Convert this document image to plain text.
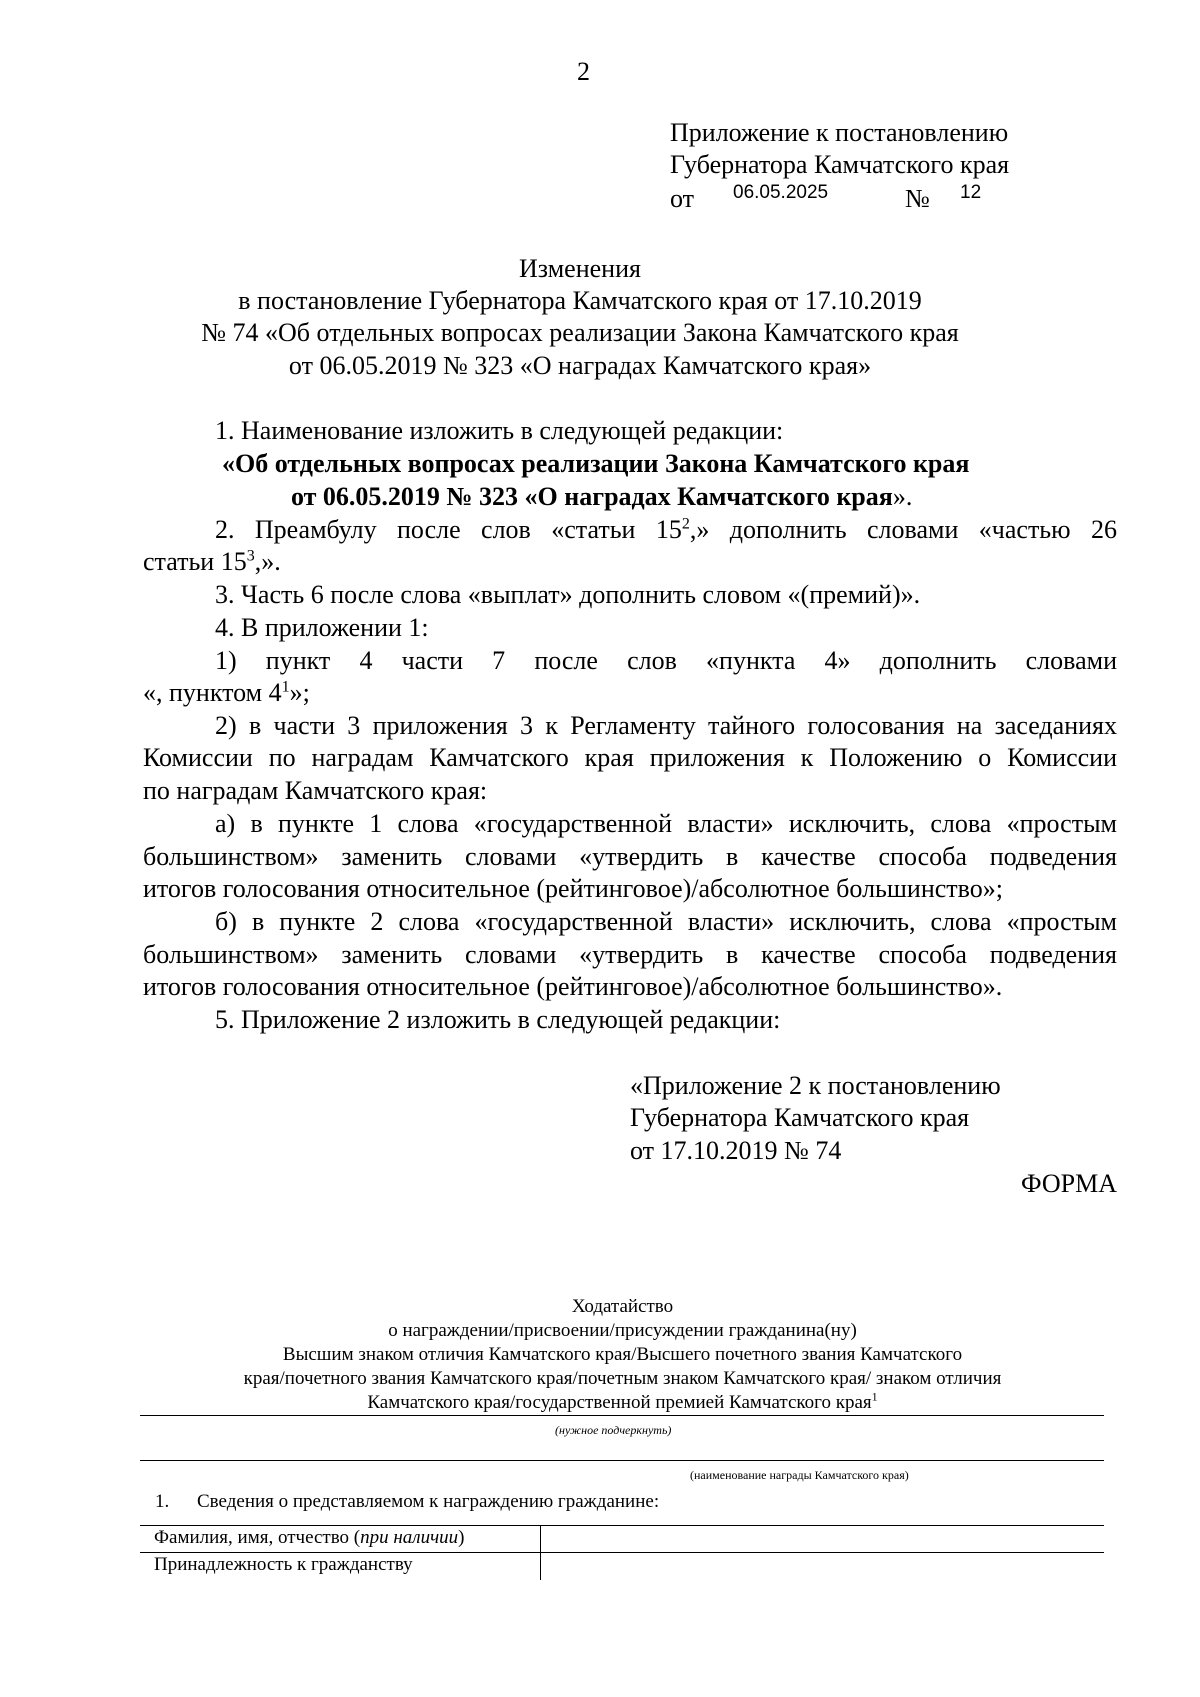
2
Приложение к постановлению
Губернатора Камчатского края
от 06.05.2025	№ 12
Изменения
в постановление Губернатора Камчатского края от 17.10.2019
№ 74 «Об отдельных вопросах реализации Закона Камчатского края
от 06.05.2019 № 323 «О наградах Камчатского края»
1. Наименование изложить в следующей редакции:
«Об отдельных вопросах реализации Закона Камчатского края
от 06.05.2019 № 323 «О наградах Камчатского края».
2. Преамбулу после слов «статьи $15^2$,» дополнить словами «частью 26
статьи $15^3$,».
3. Часть 6 после слова «выплат» дополнить словом «(премий)».
4. В приложении 1:
1) пункт 4 части 7 после слов «пункта 4» дополнить словами
«, пунктом $4^1$»;
2) в части 3 приложения 3 к Регламенту тайного голосования на заседаниях
Комиссии по наградам Камчатского края приложения к Положению о Комиссии
по наградам Камчатского края:
а) в пункте 1 слова «государственной власти» исключить, слова «простым
большинством» заменить словами «утвердить в качестве способа подведения
итогов голосования относительное (рейтинговое)/абсолютное большинство»;
б) в пункте 2 слова «государственной власти» исключить, слова «простым
большинством» заменить словами «утвердить в качестве способа подведения
итогов голосования относительное (рейтинговое)/абсолютное большинство».
5. Приложение 2 изложить в следующей редакции:
«Приложение 2 к постановлению
Губернатора Камчатского края
от 17.10.2019 № 74
ФОРМА
Ходатайство
о награждении/присвоении/присуждении гражданина(ну)
Высшим знаком отличия Камчатского края/Высшего почетного звания Камчатского
края/почетного звания Камчатского края/почетным знаком Камчатского края/ знаком отличия
Камчатского края/государственной премией Камчатского края$^1$
(нужное подчеркнуть)
(наименование награды Камчатского края)
1. Сведения о представляемом к награждению гражданине:
Фамилия, имя, отчество (при наличии)
Принадлежность к гражданству
